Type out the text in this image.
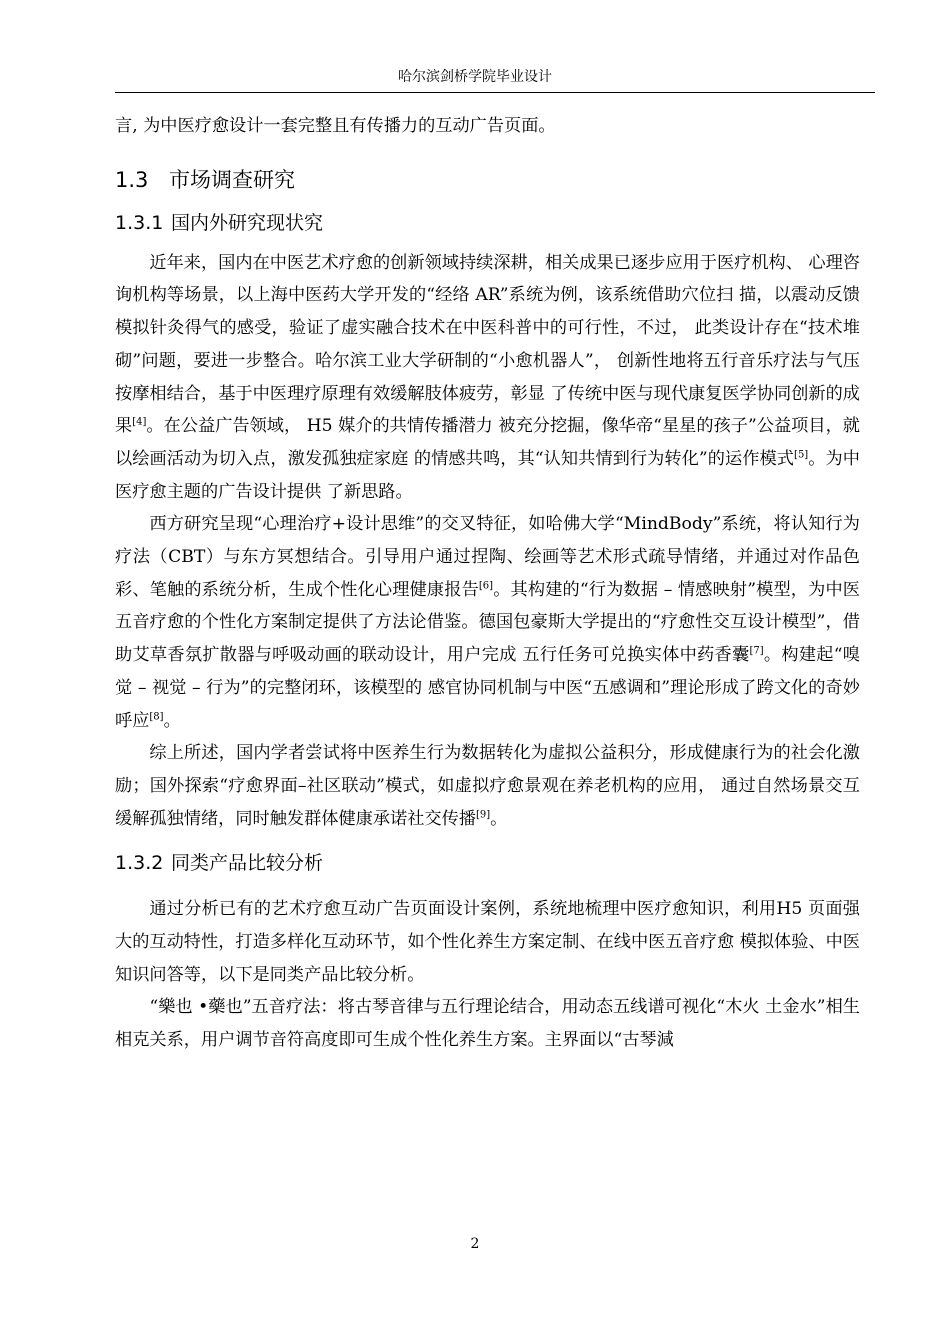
哈尔滨剑桥学院毕业设计

言, 为中医疗愈设计一套完整且有传播力的互动广告页面。

1.3 市场调查研究
1.3.1 国内外研究现状究

近年来，国内在中医艺术疗愈的创新领域持续深耕，相关成果已逐步应用于医疗机构、 心理咨询机构等场景，以上海中医药大学开发的“经络 AR”系统为例，该系统借助穴位扫 描，以震动反馈模拟针灸得气的感受，验证了虚实融合技术在中医科普中的可行性，不过， 此类设计存在“技术堆砌”问题，要进一步整合。哈尔滨工业大学研制的“小愈机器人”， 创新性地将五行音乐疗法与气压按摩相结合，基于中医理疗原理有效缓解肢体疲劳，彰显 了传统中医与现代康复医学协同创新的成果[4]。在公益广告领域， H5 媒介的共情传播潜力 被充分挖掘，像华帝“星星的孩子”公益项目，就以绘画活动为切入点，激发孤独症家庭 的情感共鸣，其“认知共情到行为转化”的运作模式[5]。为中医疗愈主题的广告设计提供 了新思路。

西方研究呈现“心理治疗+设计思维”的交叉特征，如哈佛大学“MindBody”系统，将认知行为疗法（CBT）与东方冥想结合。引导用户通过捏陶、绘画等艺术形式疏导情绪，并通过对作品色彩、笔触的系统分析，生成个性化心理健康报告[6]。其构建的“行为数据 – 情感映射”模型，为中医五音疗愈的个性化方案制定提供了方法论借鉴。德国包豪斯大学提出的“疗愈性交互设计模型”，借助艾草香氛扩散器与呼吸动画的联动设计，用户完成 五行任务可兑换实体中药香囊[7]。构建起“嗅觉 – 视觉 – 行为”的完整闭环，该模型的 感官协同机制与中医“五感调和”理论形成了跨文化的奇妙呼应[8]。

综上所述，国内学者尝试将中医养生行为数据转化为虚拟公益积分，形成健康行为的社会化激励；国外探索“疗愈界面–社区联动”模式，如虚拟疗愈景观在养老机构的应用， 通过自然场景交互缓解孤独情绪，同时触发群体健康承诺社交传播[9]。

1.3.2 同类产品比较分析

通过分析已有的艺术疗愈互动广告页面设计案例，系统地梳理中医疗愈知识，利用H5 页面强大的互动特性，打造多样化互动环节，如个性化养生方案定制、在线中医五音疗愈 模拟体验、中医知识问答等，以下是同类产品比较分析。

“樂也 •藥也”五音疗法：将古琴音律与五行理论结合，用动态五线谱可视化“木火 土金水”相生相克关系，用户调节音符高度即可生成个性化养生方案。主界面以“古琴減

2
